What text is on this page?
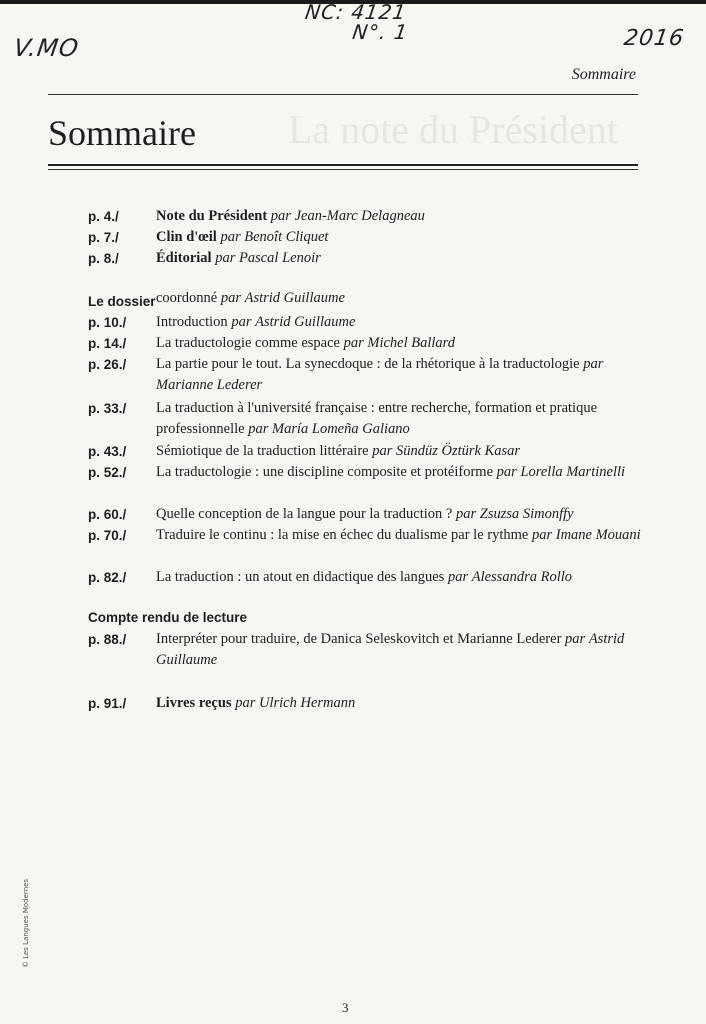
V.MO
NC: 4121
N°. 1	2016
Sommaire
La note du Président
Sommaire
p. 4./	Note du Président par Jean-Marc Delagneau
p. 7./	Clin d'œil par Benoît Cliquet
p. 8./	Éditorial par Pascal Lenoir
Le dossier coordonné par Astrid Guillaume
p. 10./ Introduction par Astrid Guillaume
p. 14./ La traductologie comme espace par Michel Ballard
p. 26./ La partie pour le tout. La synecdoque : de la rhétorique à la traductologie par Marianne Lederer
p. 33./ La traduction à l'université française : entre recherche, formation et pratique professionnelle par María Lomeña Galiano
p. 43./ Sémiotique de la traduction littéraire par Sündüz Öztürk Kasar
p. 52./ La traductologie : une discipline composite et protéiforme par Lorella Martinelli
p. 60./ Quelle conception de la langue pour la traduction ? par Zsuzsa Simonffy
p. 70./ Traduire le continu : la mise en échec du dualisme par le rythme par Imane Mouani
p. 82./ La traduction : un atout en didactique des langues par Alessandra Rollo
Compte rendu de lecture
p. 88./ Interpréter pour traduire, de Danica Seleskovitch et Marianne Lederer par Astrid Guillaume
p. 91./ Livres reçus par Ulrich Hermann
© Les Langues Modernes
3
